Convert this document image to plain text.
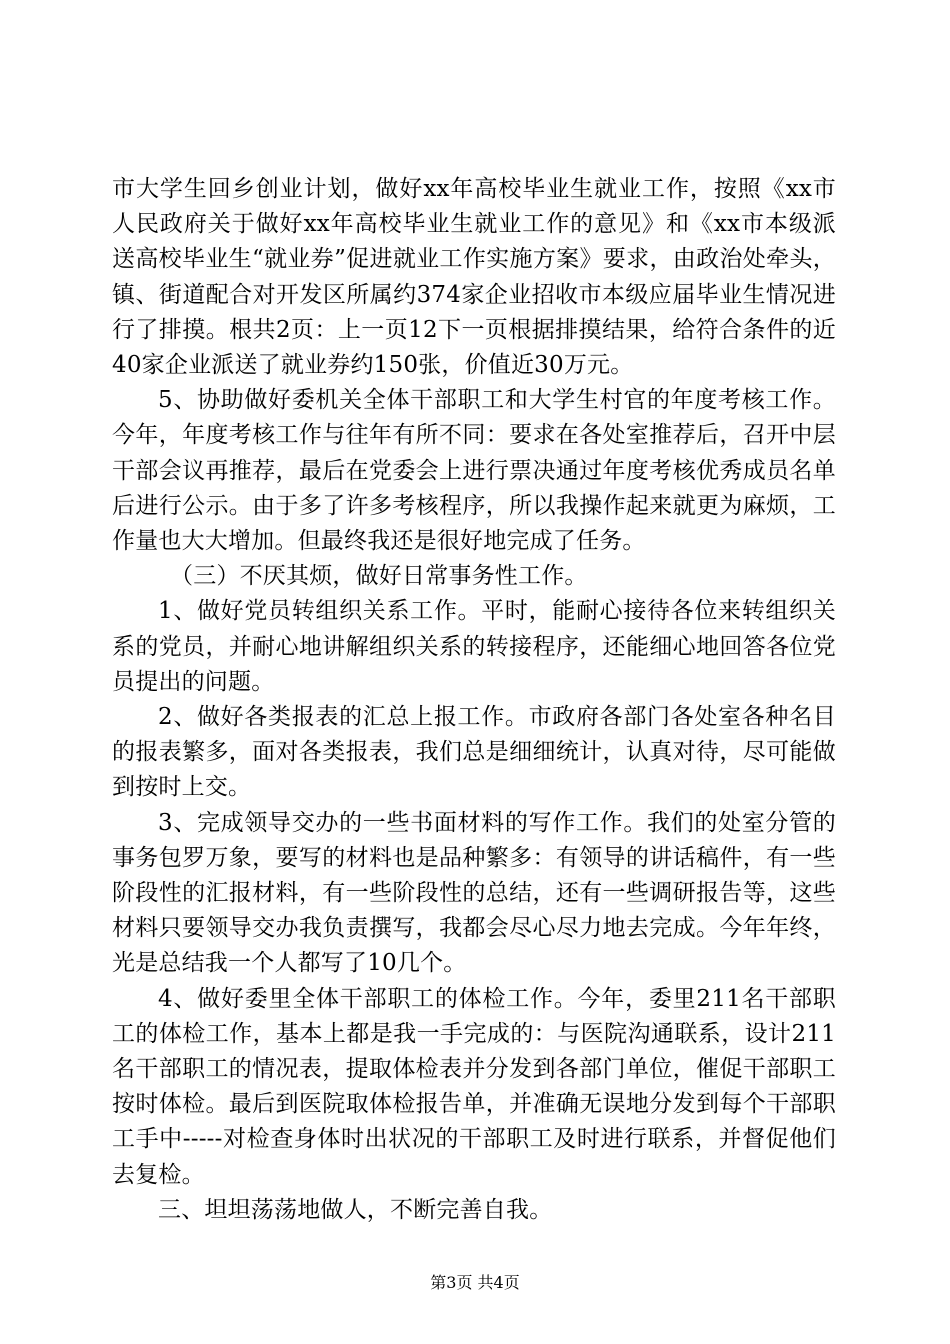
市大学生回乡创业计划，做好xx年高校毕业生就业工作，按照《xx市人民政府关于做好xx年高校毕业生就业工作的意见》和《xx市本级派送高校毕业生“就业券”促进就业工作实施方案》要求，由政治处牵头，镇、街道配合对开发区所属约374家企业招收市本级应届毕业生情况进行了排摸。根共2页：上一页12下一页根据排摸结果，给符合条件的近40家企业派送了就业券约150张，价值近30万元。

5、协助做好委机关全体干部职工和大学生村官的年度考核工作。今年，年度考核工作与往年有所不同：要求在各处室推荐后，召开中层干部会议再推荐，最后在党委会上进行票决通过年度考核优秀成员名单后进行公示。由于多了许多考核程序，所以我操作起来就更为麻烦，工作量也大大增加。但最终我还是很好地完成了任务。

（三）不厌其烦，做好日常事务性工作。

1、做好党员转组织关系工作。平时，能耐心接待各位来转组织关系的党员，并耐心地讲解组织关系的转接程序，还能细心地回答各位党员提出的问题。

2、做好各类报表的汇总上报工作。市政府各部门各处室各种名目的报表繁多，面对各类报表，我们总是细细统计，认真对待，尽可能做到按时上交。

3、完成领导交办的一些书面材料的写作工作。我们的处室分管的事务包罗万象，要写的材料也是品种繁多：有领导的讲话稿件，有一些阶段性的汇报材料，有一些阶段性的总结，还有一些调研报告等，这些材料只要领导交办我负责撰写，我都会尽心尽力地去完成。今年年终，光是总结我一个人都写了10几个。

4、做好委里全体干部职工的体检工作。今年，委里211名干部职工的体检工作，基本上都是我一手完成的：与医院沟通联系，设计211名干部职工的情况表，提取体检表并分发到各部门单位，催促干部职工按时体检。最后到医院取体检报告单，并准确无误地分发到每个干部职工手中-----对检查身体时出状况的干部职工及时进行联系，并督促他们去复检。

三、坦坦荡荡地做人，不断完善自我。

第3页 共4页
